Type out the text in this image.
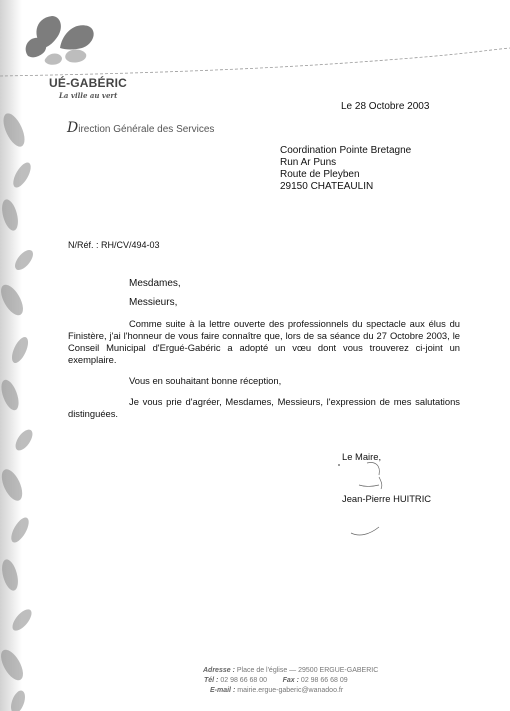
UÉ-GABÉRIC
La ville au vert
Direction Générale des Services
Le 28 Octobre 2003
Coordination Pointe Bretagne
Run Ar Puns
Route de Pleyben
29150 CHATEAULIN
N/Réf. : RH/CV/494-03
Mesdames,
Messieurs,
Comme suite à la lettre ouverte des professionnels du spectacle aux élus du Finistère, j'ai l'honneur de vous faire connaître que, lors de sa séance du 27 Octobre 2003, le Conseil Municipal d'Ergué-Gabéric a adopté un vœu dont vous trouverez ci-joint un exemplaire.
Vous en souhaitant bonne réception,
Je vous prie d'agréer, Mesdames, Messieurs, l'expression de mes salutations distinguées.
Le Maire,
Jean-Pierre HUITRIC
Adresse : Place de l'église — 29500 ERGUE-GABERIC
Tél : 02 98 66 68 00 Fax : 02 98 66 68 09
E-mail : mairie.ergue-gaberic@wanadoo.fr
